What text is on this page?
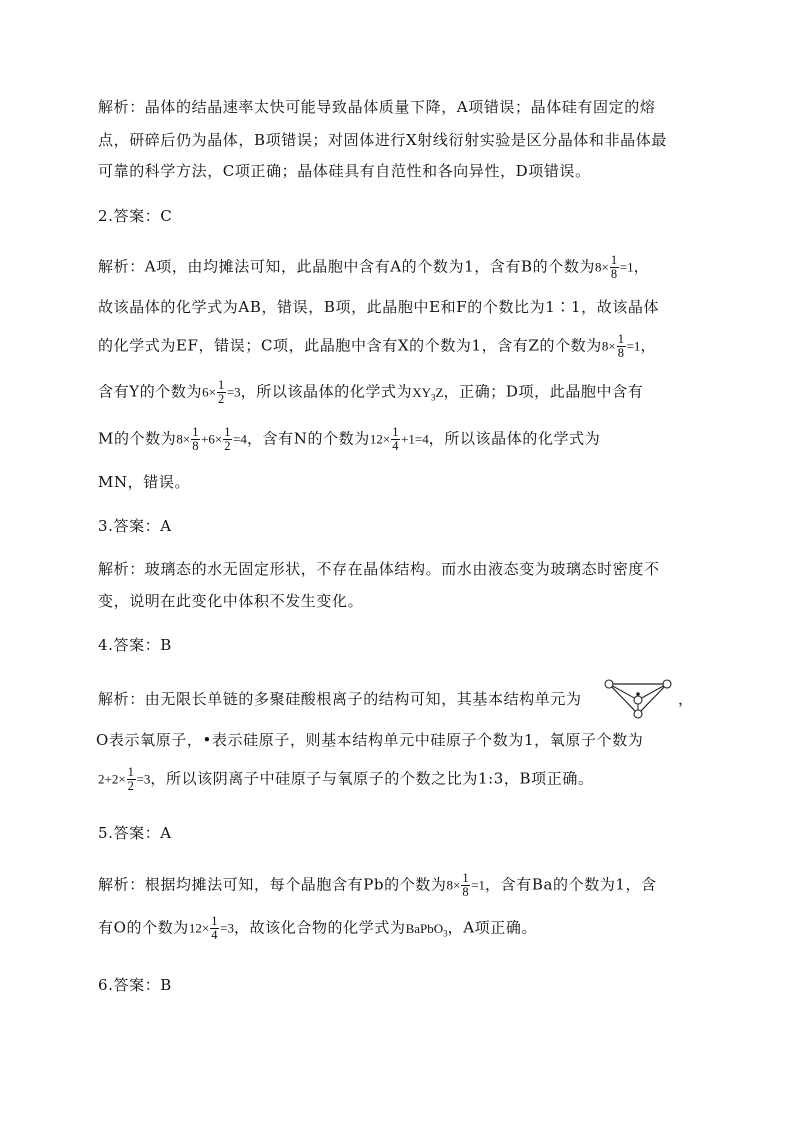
解析：晶体的结晶速率太快可能导致晶体质量下降，A项错误；晶体硅有固定的熔
点，研碎后仍为晶体，B项错误；对固体进行X射线衍射实验是区分晶体和非晶体最
可靠的科学方法，C项正确；晶体硅具有自范性和各向异性，D项错误。
2.答案：C
解析：A项，由均摊法可知，此晶胞中含有A的个数为1，含有B的个数为$8\times \frac{1}{8} =1$，
故该晶体的化学式为AB，错误，B项，此晶胞中E和F的个数比为1∶1，故该晶体
的化学式为EF，错误；C项，此晶胞中含有X的个数为1，含有Z的个数为$8\times \frac{1}{8} =1$，
含有Y的个数为$6\times \frac{1}{2} =3$，所以该晶体的化学式为$XY_3Z$，正确；D项，此晶胞中含有
M的个数为$8\times \frac{1}{8} +6\times \frac{1}{2} =4$，含有N的个数为$12\times \frac{1}{4} +1=4$，所以该晶体的化学式为
MN，错误。
3.答案：A
解析：玻璃态的水无固定形状，不存在晶体结构。而水由液态变为玻璃态时密度不
变，说明在此变化中体积不发生变化。
4.答案：B
解析：由无限长单链的多聚硅酸根离子的结构可知，其基本结构单元为	，
O表示氧原子，•表示硅原子，则基本结构单元中硅原子个数为1，氧原子个数为
$2+2\times \frac{1}{2} =3$，所以该阴离子中硅原子与氧原子的个数之比为1:3，B项正确。
5.答案：A
解析：根据均摊法可知，每个晶胞含有Pb的个数为$8\times \frac{1}{8} =1$，含有Ba的个数为1，含
有O的个数为$12\times \frac{1}{4} =3$，故该化合物的化学式为BaPbO$_3$，A项正确。
6.答案：B
